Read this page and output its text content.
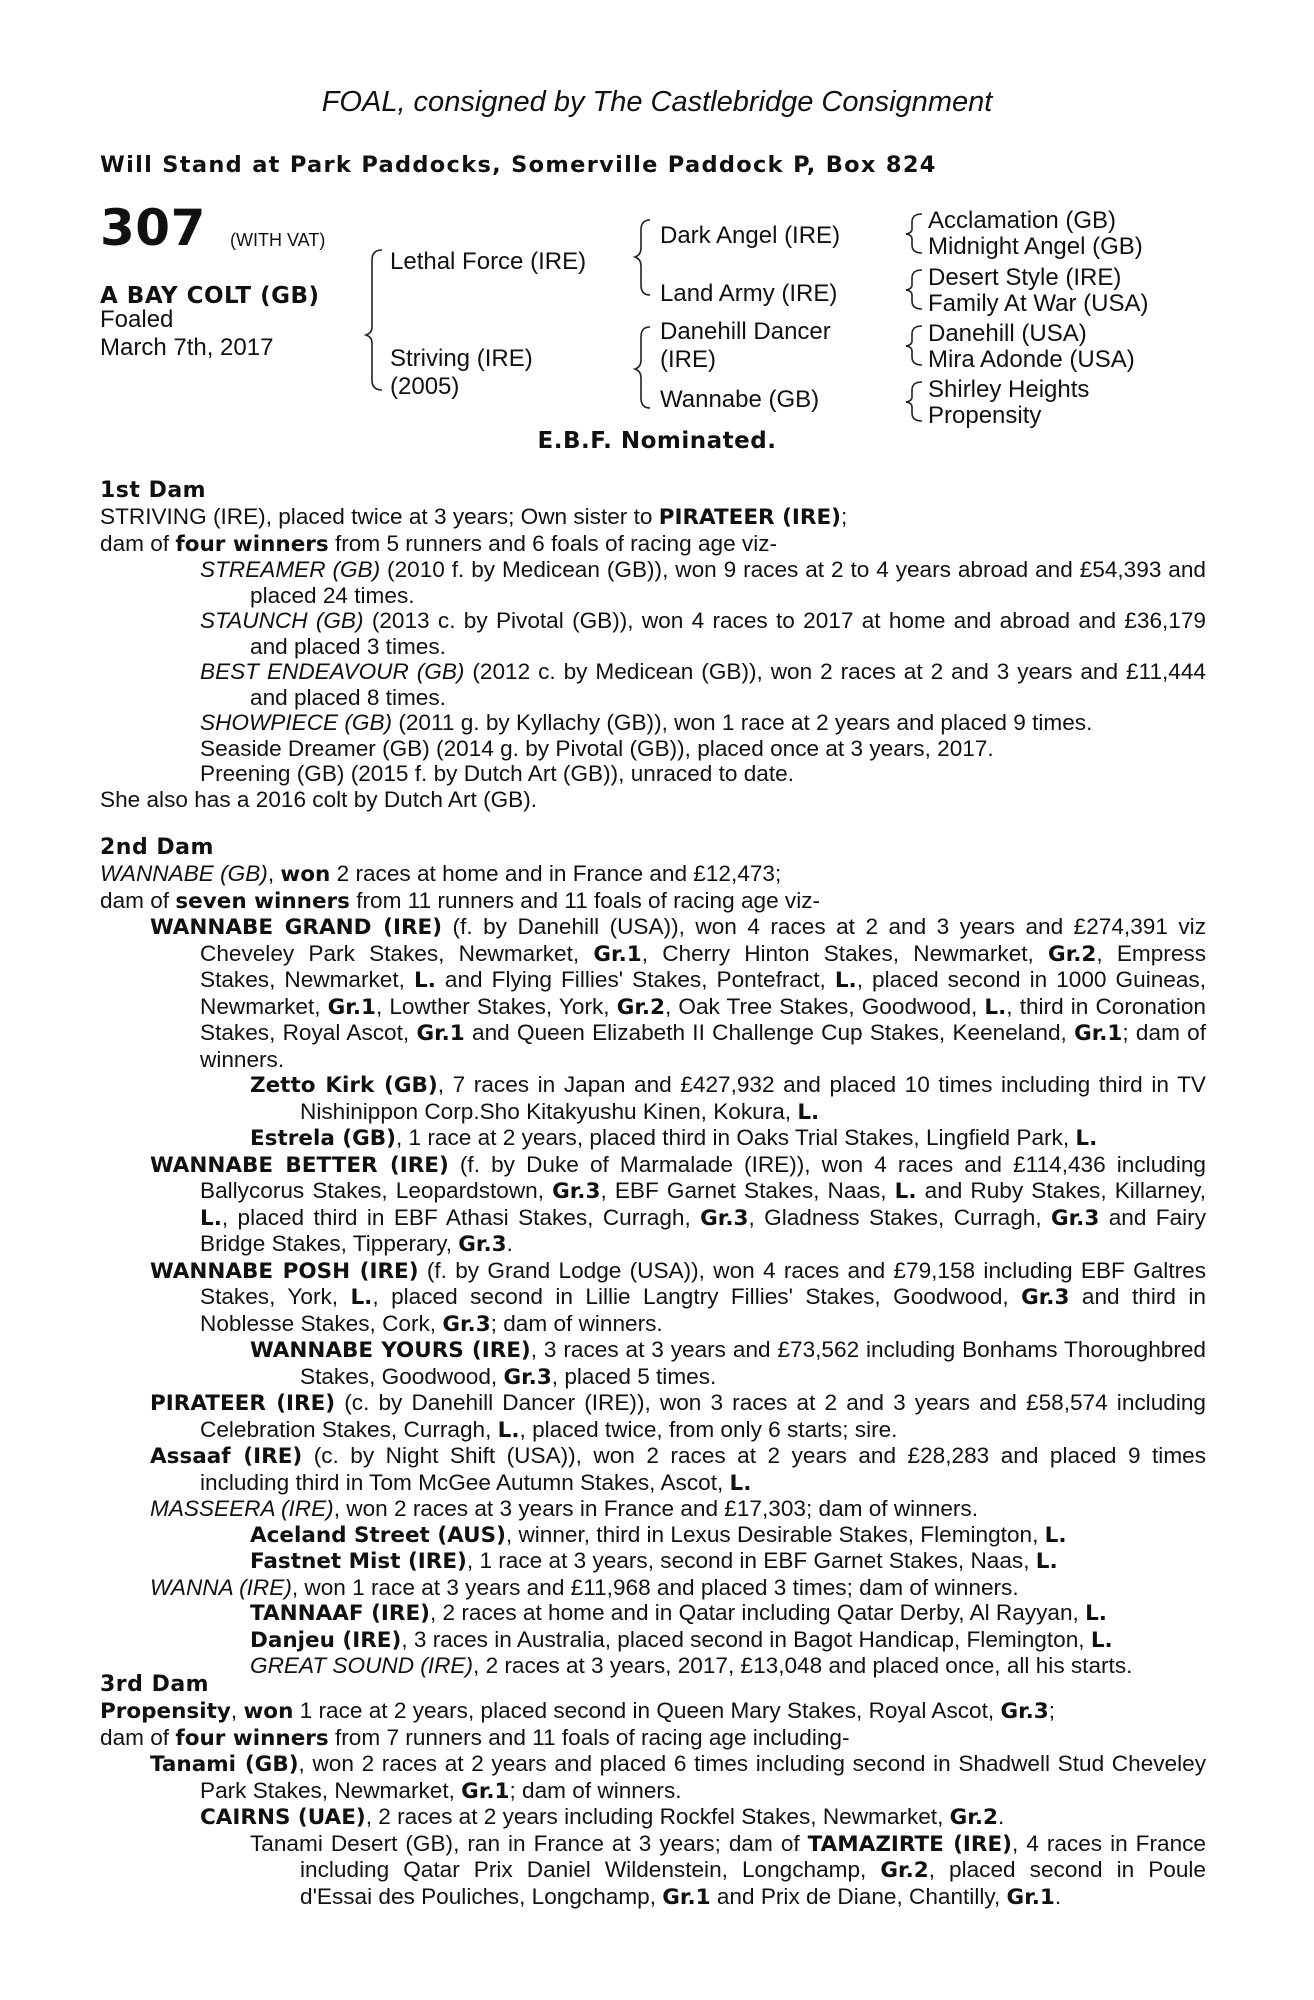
FOAL, consigned by The Castlebridge Consignment
Will Stand at Park Paddocks, Somerville Paddock P, Box 824
307 (WITH VAT)
A BAY COLT (GB)
Foaled
March 7th, 2017
Lethal Force (IRE)
Striving (IRE)
(2005)
Dark Angel (IRE)
Land Army (IRE)
Danehill Dancer
(IRE)
Wannabe (GB)
Acclamation (GB)
Midnight Angel (GB)
Desert Style (IRE)
Family At War (USA)
Danehill (USA)
Mira Adonde (USA)
Shirley Heights
Propensity
E.B.F. Nominated.
1st Dam

STRIVING (IRE), placed twice at 3 years; Own sister to PIRATEER (IRE);

dam of four winners from 5 runners and 6 foals of racing age viz-

STREAMER (GB) (2010 f. by Medicean (GB)), won 9 races at 2 to 4 years abroad and £54,393 and placed 24 times.

STAUNCH (GB) (2013 c. by Pivotal (GB)), won 4 races to 2017 at home and abroad and £36,179 and placed 3 times.

BEST ENDEAVOUR (GB) (2012 c. by Medicean (GB)), won 2 races at 2 and 3 years and £11,444 and placed 8 times.

SHOWPIECE (GB) (2011 g. by Kyllachy (GB)), won 1 race at 2 years and placed 9 times.

Seaside Dreamer (GB) (2014 g. by Pivotal (GB)), placed once at 3 years, 2017.

Preening (GB) (2015 f. by Dutch Art (GB)), unraced to date.

She also has a 2016 colt by Dutch Art (GB).

2nd Dam

WANNABE (GB), won 2 races at home and in France and £12,473;

dam of seven winners from 11 runners and 11 foals of racing age viz-

WANNABE GRAND (IRE) (f. by Danehill (USA)), won 4 races at 2 and 3 years and £274,391 viz Cheveley Park Stakes, Newmarket, Gr.1, Cherry Hinton Stakes, Newmarket, Gr.2, Empress Stakes, Newmarket, L. and Flying Fillies' Stakes, Pontefract, L., placed second in 1000 Guineas, Newmarket, Gr.1, Lowther Stakes, York, Gr.2, Oak Tree Stakes, Goodwood, L., third in Coronation Stakes, Royal Ascot, Gr.1 and Queen Elizabeth II Challenge Cup Stakes, Keeneland, Gr.1; dam of winners.

Zetto Kirk (GB), 7 races in Japan and £427,932 and placed 10 times including third in TV Nishinippon Corp.Sho Kitakyushu Kinen, Kokura, L.

Estrela (GB), 1 race at 2 years, placed third in Oaks Trial Stakes, Lingfield Park, L.

WANNABE BETTER (IRE) (f. by Duke of Marmalade (IRE)), won 4 races and £114,436 including Ballycorus Stakes, Leopardstown, Gr.3, EBF Garnet Stakes, Naas, L. and Ruby Stakes, Killarney, L., placed third in EBF Athasi Stakes, Curragh, Gr.3, Gladness Stakes, Curragh, Gr.3 and Fairy Bridge Stakes, Tipperary, Gr.3.

WANNABE POSH (IRE) (f. by Grand Lodge (USA)), won 4 races and £79,158 including EBF Galtres Stakes, York, L., placed second in Lillie Langtry Fillies' Stakes, Goodwood, Gr.3 and third in Noblesse Stakes, Cork, Gr.3; dam of winners.

WANNABE YOURS (IRE), 3 races at 3 years and £73,562 including Bonhams Thoroughbred Stakes, Goodwood, Gr.3, placed 5 times.

PIRATEER (IRE) (c. by Danehill Dancer (IRE)), won 3 races at 2 and 3 years and £58,574 including Celebration Stakes, Curragh, L., placed twice, from only 6 starts; sire.

Assaaf (IRE) (c. by Night Shift (USA)), won 2 races at 2 years and £28,283 and placed 9 times including third in Tom McGee Autumn Stakes, Ascot, L.

MASSEERA (IRE), won 2 races at 3 years in France and £17,303; dam of winners.

Aceland Street (AUS), winner, third in Lexus Desirable Stakes, Flemington, L.

Fastnet Mist (IRE), 1 race at 3 years, second in EBF Garnet Stakes, Naas, L.

WANNA (IRE), won 1 race at 3 years and £11,968 and placed 3 times; dam of winners.

TANNAAF (IRE), 2 races at home and in Qatar including Qatar Derby, Al Rayyan, L.

Danjeu (IRE), 3 races in Australia, placed second in Bagot Handicap, Flemington, L.

GREAT SOUND (IRE), 2 races at 3 years, 2017, £13,048 and placed once, all his starts.

3rd Dam

Propensity, won 1 race at 2 years, placed second in Queen Mary Stakes, Royal Ascot, Gr.3;

dam of four winners from 7 runners and 11 foals of racing age including-

Tanami (GB), won 2 races at 2 years and placed 6 times including second in Shadwell Stud Cheveley Park Stakes, Newmarket, Gr.1; dam of winners.

CAIRNS (UAE), 2 races at 2 years including Rockfel Stakes, Newmarket, Gr.2.

Tanami Desert (GB), ran in France at 3 years; dam of TAMAZIRTE (IRE), 4 races in France including Qatar Prix Daniel Wildenstein, Longchamp, Gr.2, placed second in Poule d'Essai des Pouliches, Longchamp, Gr.1 and Prix de Diane, Chantilly, Gr.1.
